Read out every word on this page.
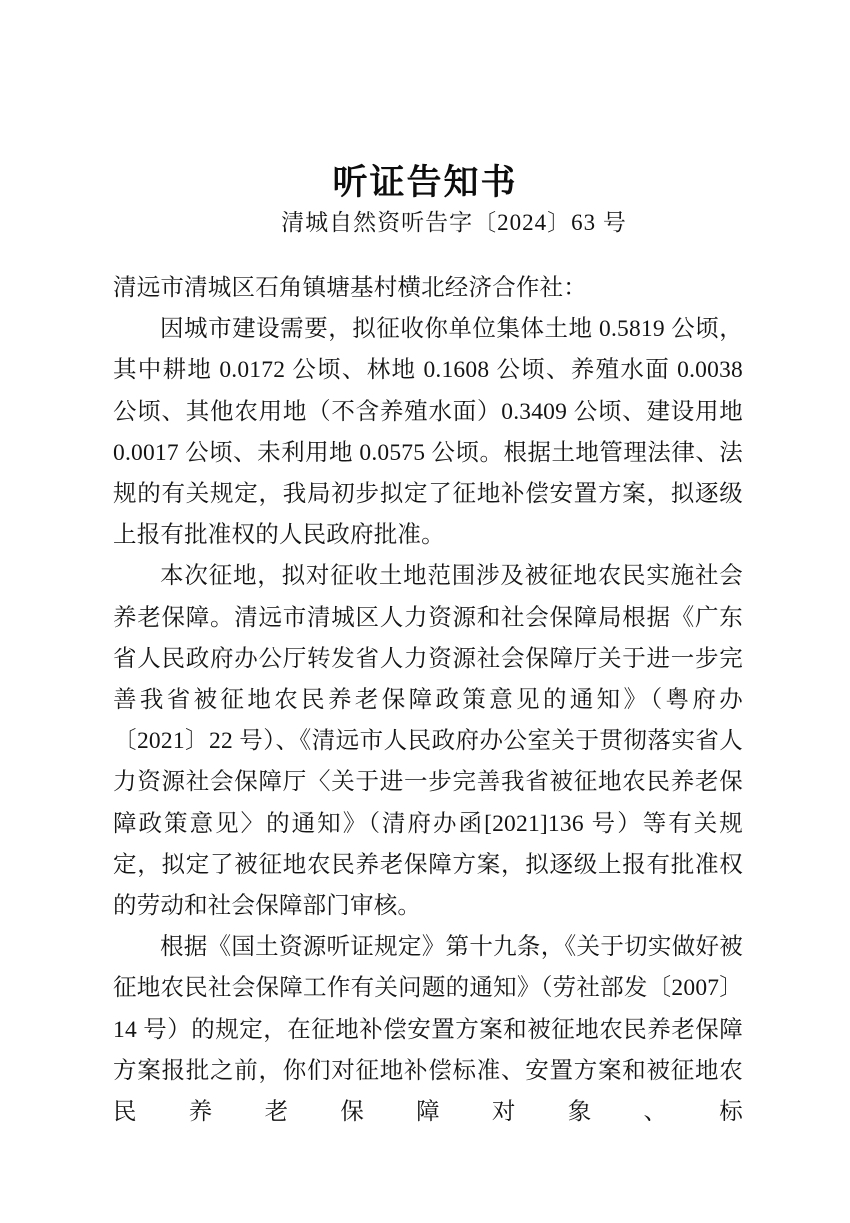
听证告知书
清城自然资听告字〔2024〕63 号

清远市清城区石角镇塘基村横北经济合作社：

因城市建设需要，拟征收你单位集体土地 0.5819 公顷，其中耕地 0.0172 公顷、林地 0.1608 公顷、养殖水面 0.0038 公顷、其他农用地（不含养殖水面）0.3409 公顷、建设用地 0.0017 公顷、未利用地 0.0575 公顷。根据土地管理法律、法规的有关规定，我局初步拟定了征地补偿安置方案，拟逐级上报有批准权的人民政府批准。

本次征地，拟对征收土地范围涉及被征地农民实施社会养老保障。清远市清城区人力资源和社会保障局根据《广东省人民政府办公厅转发省人力资源社会保障厅关于进一步完善我省被征地农民养老保障政策意见的通知》（粤府办〔2021〕22 号）、《清远市人民政府办公室关于贯彻落实省人力资源社会保障厅〈关于进一步完善我省被征地农民养老保障政策意见〉的通知》（清府办函[2021]136 号）等有关规定，拟定了被征地农民养老保障方案，拟逐级上报有批准权的劳动和社会保障部门审核。

根据《国土资源听证规定》第十九条，《关于切实做好被征地农民社会保障工作有关问题的通知》（劳社部发〔2007〕14 号）的规定，在征地补偿安置方案和被征地农民养老保障方案报批之前，你们对征地补偿标准、安置方案和被征地农民养老保障对象、标
